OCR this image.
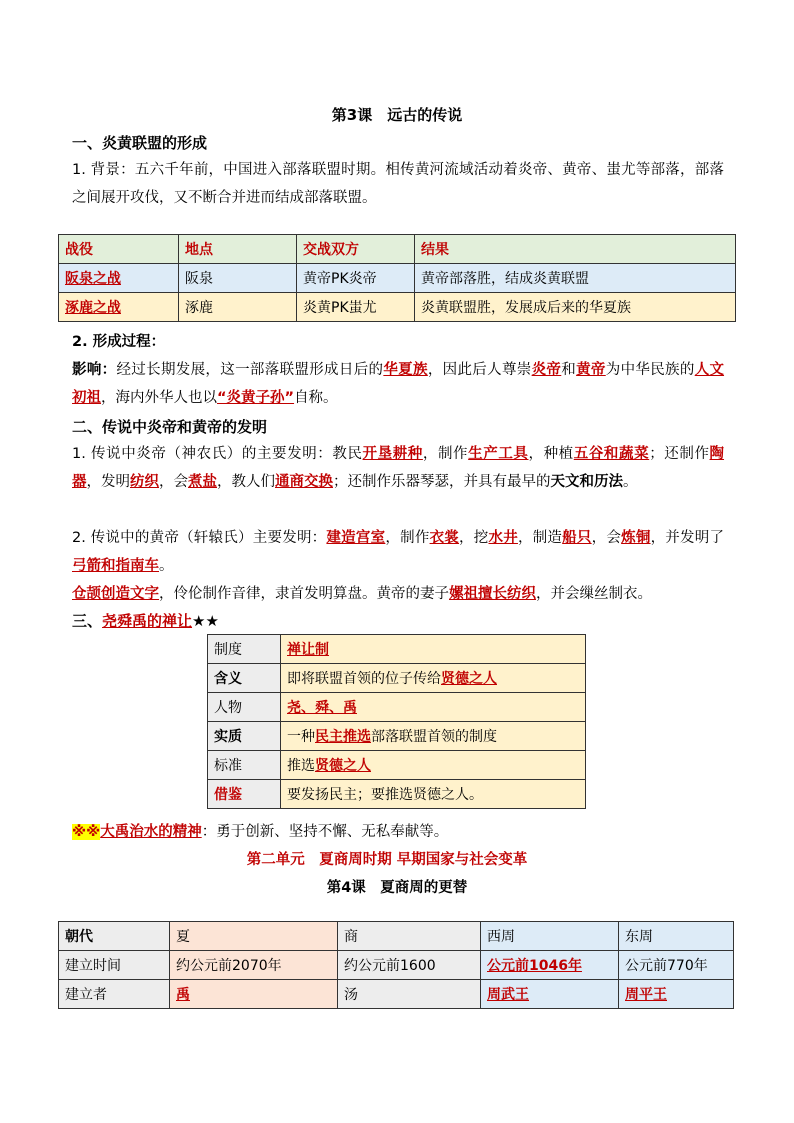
第3课　远古的传说
一、炎黄联盟的形成
1. 背景：五六千年前，中国进入部落联盟时期。相传黄河流域活动着炎帝、黄帝、蚩尤等部落，部落之间展开攻伐，又不断合并进而结成部落联盟。
战役	地点	交战双方	结果
阪泉之战	阪泉	黄帝PK炎帝	黄帝部落胜，结成炎黄联盟
涿鹿之战	涿鹿	炎黄PK蚩尤	炎黄联盟胜，发展成后来的华夏族
2. 形成过程：
影响：经过长期发展，这一部落联盟形成日后的华夏族，因此后人尊崇炎帝和黄帝为中华民族的人文初祖，海内外华人也以“炎黄子孙”自称。
二、传说中炎帝和黄帝的发明
1. 传说中炎帝（神农氏）的主要发明：教民开垦耕种，制作生产工具，种植五谷和蔬菜；还制作陶器，发明纺织，会煮盐，教人们通商交换；还制作乐器琴瑟，并具有最早的天文和历法。
2. 传说中的黄帝（轩辕氏）主要发明：建造宫室，制作衣裳，挖水井，制造船只，会炼铜，并发明了弓箭和指南车。
仓颉创造文字，伶伦制作音律，隶首发明算盘。黄帝的妻子嫘祖擅长纺织，并会缫丝制衣。
三、尧舜禹的禅让★★
制度	禅让制
含义	即将联盟首领的位子传给贤德之人
人物	尧、舜、禹
实质	一种民主推选部落联盟首领的制度
标准	推选贤德之人
借鉴	要发扬民主；要推选贤德之人。
※※大禹治水的精神：勇于创新、坚持不懈、无私奉献等。
第二单元　夏商周时期 早期国家与社会变革
第4课　夏商周的更替
朝代	夏	商	西周	东周
建立时间	约公元前2070年	约公元前1600	公元前1046年	公元前770年
建立者	禹	汤	周武王	周平王
